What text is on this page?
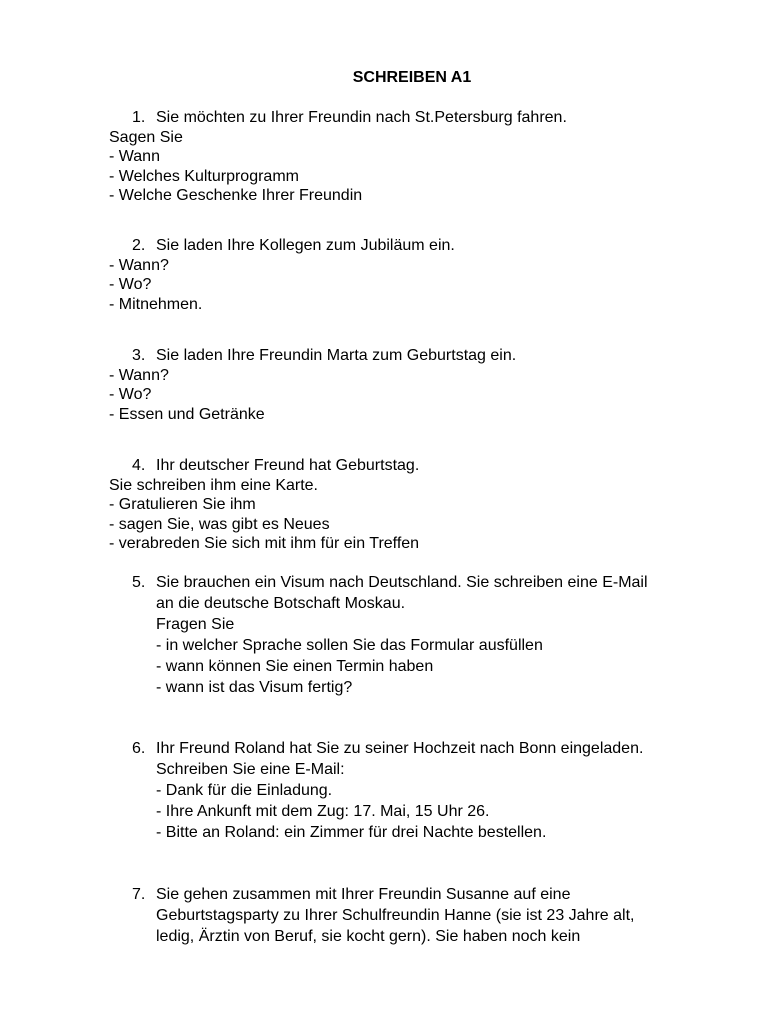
SCHREIBEN A1
1. Sie möchten zu Ihrer Freundin nach St.Petersburg fahren.
Sagen Sie
- Wann
- Welches Kulturprogramm
- Welche Geschenke Ihrer Freundin
2. Sie laden Ihre Kollegen zum Jubiläum ein.
- Wann?
- Wo?
- Mitnehmen.
3. Sie laden Ihre Freundin Marta zum Geburtstag ein.
- Wann?
- Wo?
- Essen und Getränke
4. Ihr deutscher Freund hat Geburtstag.
Sie schreiben ihm eine Karte.
- Gratulieren Sie ihm
- sagen Sie, was gibt es Neues
- verabreden Sie sich mit ihm für ein Treffen
5. Sie brauchen ein Visum nach Deutschland. Sie schreiben eine E-Mail
an die deutsche Botschaft Moskau.
Fragen Sie
- in welcher Sprache sollen Sie das Formular ausfüllen
- wann können Sie einen Termin haben
- wann ist das Visum fertig?
6. Ihr Freund Roland hat Sie zu seiner Hochzeit nach Bonn eingeladen.
Schreiben Sie eine E-Mail:
- Dank für die Einladung.
- Ihre Ankunft mit dem Zug: 17. Mai, 15 Uhr 26.
- Bitte an Roland: ein Zimmer für drei Nachte bestellen.
7. Sie gehen zusammen mit Ihrer Freundin Susanne auf eine
Geburtstagsparty zu Ihrer Schulfreundin Hanne (sie ist 23 Jahre alt,
ledig, Ärztin von Beruf, sie kocht gern). Sie haben noch kein
